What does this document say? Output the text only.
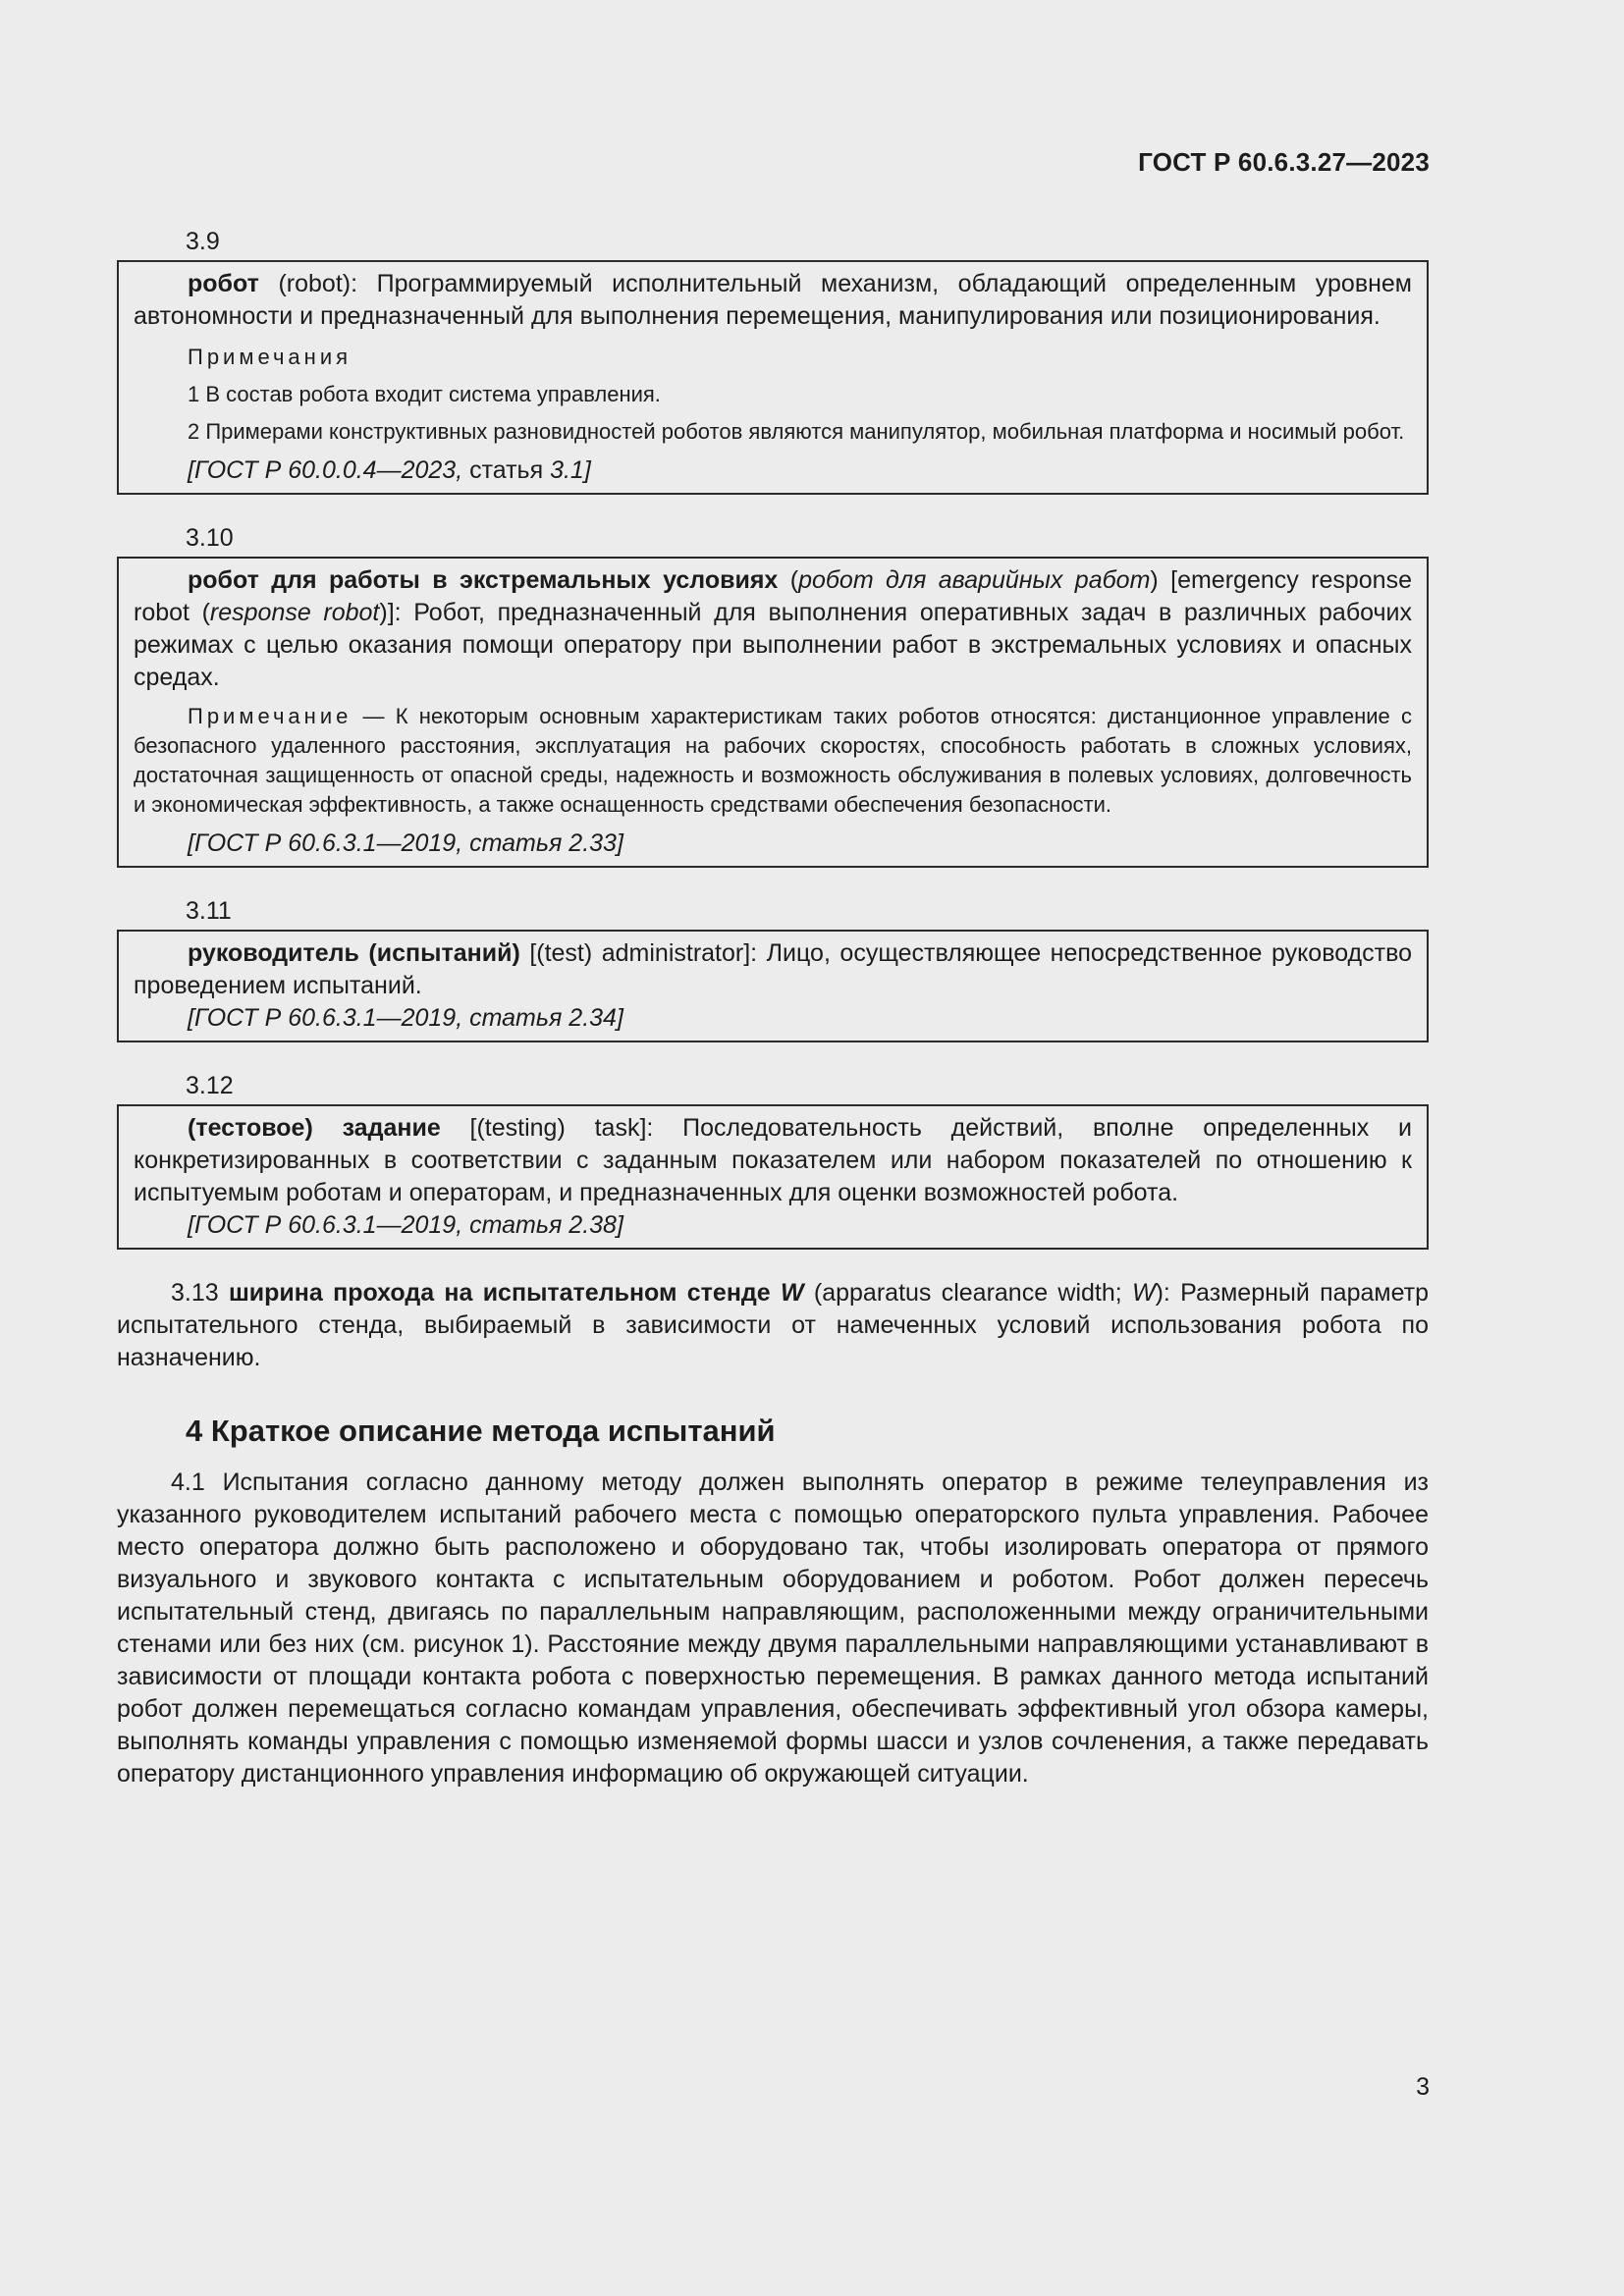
ГОСТ Р 60.6.3.27—2023
3.9

робот (robot): Программируемый исполнительный механизм, обладающий определенным уровнем автономности и предназначенный для выполнения перемещения, манипулирования или позиционирования.

Примечания

1 В состав робота входит система управления.

2 Примерами конструктивных разновидностей роботов являются манипулятор, мобильная платформа и носимый робот.

[ГОСТ Р 60.0.0.4—2023, статья 3.1]

3.10

робот для работы в экстремальных условиях (робот для аварийных работ) [emergency response robot (response robot)]: Робот, предназначенный для выполнения оперативных задач в различных рабочих режимах с целью оказания помощи оператору при выполнении работ в экстремальных условиях и опасных средах.

Примечание — К некоторым основным характеристикам таких роботов относятся: дистанционное управление с безопасного удаленного расстояния, эксплуатация на рабочих скоростях, способность работать в сложных условиях, достаточная защищенность от опасной среды, надежность и возможность обслуживания в полевых условиях, долговечность и экономическая эффективность, а также оснащенность средствами обеспечения безопасности.

[ГОСТ Р 60.6.3.1—2019, статья 2.33]

3.11

руководитель (испытаний) [(test) administrator]: Лицо, осуществляющее непосредственное руководство проведением испытаний.

[ГОСТ Р 60.6.3.1—2019, статья 2.34]

3.12

(тестовое) задание [(testing) task]: Последовательность действий, вполне определенных и конкретизированных в соответствии с заданным показателем или набором показателей по отношению к испытуемым роботам и операторам, и предназначенных для оценки возможностей робота.

[ГОСТ Р 60.6.3.1—2019, статья 2.38]

3.13 ширина прохода на испытательном стенде W (apparatus clearance width; W): Размерный параметр испытательного стенда, выбираемый в зависимости от намеченных условий использования робота по назначению.

4 Краткое описание метода испытаний

4.1 Испытания согласно данному методу должен выполнять оператор в режиме телеуправления из указанного руководителем испытаний рабочего места с помощью операторского пульта управления. Рабочее место оператора должно быть расположено и оборудовано так, чтобы изолировать оператора от прямого визуального и звукового контакта с испытательным оборудованием и роботом. Робот должен пересечь испытательный стенд, двигаясь по параллельным направляющим, расположенными между ограничительными стенами или без них (см. рисунок 1). Расстояние между двумя параллельными направляющими устанавливают в зависимости от площади контакта робота с поверхностью перемещения. В рамках данного метода испытаний робот должен перемещаться согласно командам управления, обеспечивать эффективный угол обзора камеры, выполнять команды управления с помощью изменяемой формы шасси и узлов сочленения, а также передавать оператору дистанционного управления информацию об окружающей ситуации.

3
